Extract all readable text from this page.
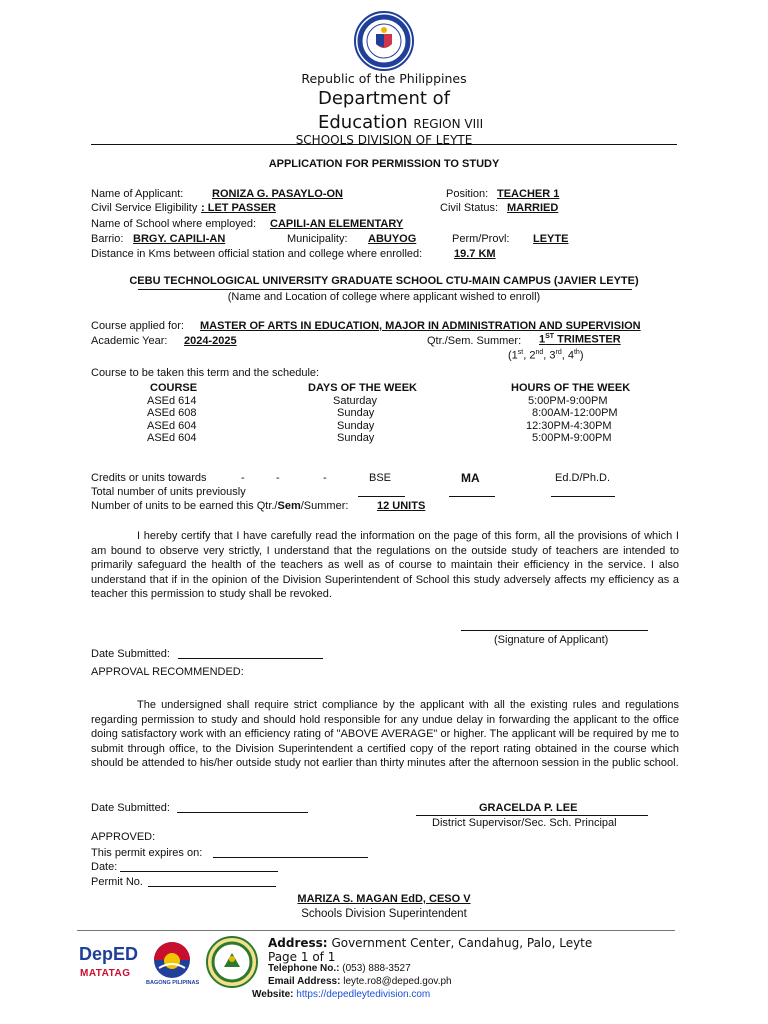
Republic of the Philippines
Department of
Education REGION VIII
SCHOOLS DIVISION OF LEYTE
APPLICATION FOR PERMISSION TO STUDY
Name of Applicant:	RONIZA G. PASAYLO-ON	Position: TEACHER 1
Civil Service Eligibility : LET PASSER	Civil Status: MARRIED
Name of School where employed: CAPILI-AN ELEMENTARY
Barrio: BRGY. CAPILI-AN	Municipality:	ABUYOG	Perm/Provl:	LEYTE
Distance in Kms between official station and college where enrolled:	19.7 KM
CEBU TECHNOLOGICAL UNIVERSITY GRADUATE SCHOOL CTU-MAIN CAMPUS (JAVIER LEYTE)
(Name and Location of college where applicant wished to enroll)
Course applied for:	MASTER OF ARTS IN EDUCATION, MAJOR IN ADMINISTRATION AND SUPERVISION
Academic Year:	2024-2025	Qtr./Sem. Summer:	1ST TRIMESTER
(1st, 2nd, 3rd, 4th)
Course to be taken this term and the schedule:
COURSE	DAYS OF THE WEEK	HOURS OF THE WEEK
ASEd 614	Saturday	5:00PM-9:00PM
ASEd 608	Sunday	8:00AM-12:00PM
ASEd 604	Sunday	12:30PM-4:30PM
ASEd 604	Sunday	5:00PM-9:00PM
Credits or units towards	-	-	-	BSE	MA	Ed.D/Ph.D.
Total number of units previously
Number of units to be earned this Qtr./Sem/Summer:	12 UNITS
I hereby certify that I have carefully read the information on the page of this form, all the provisions of which I am bound to observe very strictly, I understand that the regulations on the outside study of teachers are intended to primarily safeguard the health of the teachers as well as of course to maintain their efficiency in the service. I also understand that if in the opinion of the Division Superintendent of School this study adversely affects my efficiency as a teacher this permission to study shall be revoked.
(Signature of Applicant)
Date Submitted:
APPROVAL RECOMMENDED:
The undersigned shall require strict compliance by the applicant with all the existing rules and regulations regarding permission to study and should hold responsible for any undue delay in forwarding the applicant to the office doing satisfactory work with an efficiency rating of "ABOVE AVERAGE" or higher. The applicant will be required by me to submit through office, to the Division Superintendent a certified copy of the report rating obtained in the course which should be attended to his/her outside study not earlier than thirty minutes after the afternoon session in the public school.
Date Submitted:	GRACELDA P. LEE
District Supervisor/Sec. Sch. Principal
APPROVED:
This permit expires on:
Date:
Permit No.
MARIZA S. MAGAN EdD, CESO V
Schools Division Superintendent
DepED
MATATAG
BAGONG PILIPINAS
Address: Government Center, Candahug, Palo, Leyte
Page 1 of 1
Telephone No.: (053) 888-3527
Email Address: leyte.ro8@deped.gov.ph
Website: https://depedleytedivision.com
